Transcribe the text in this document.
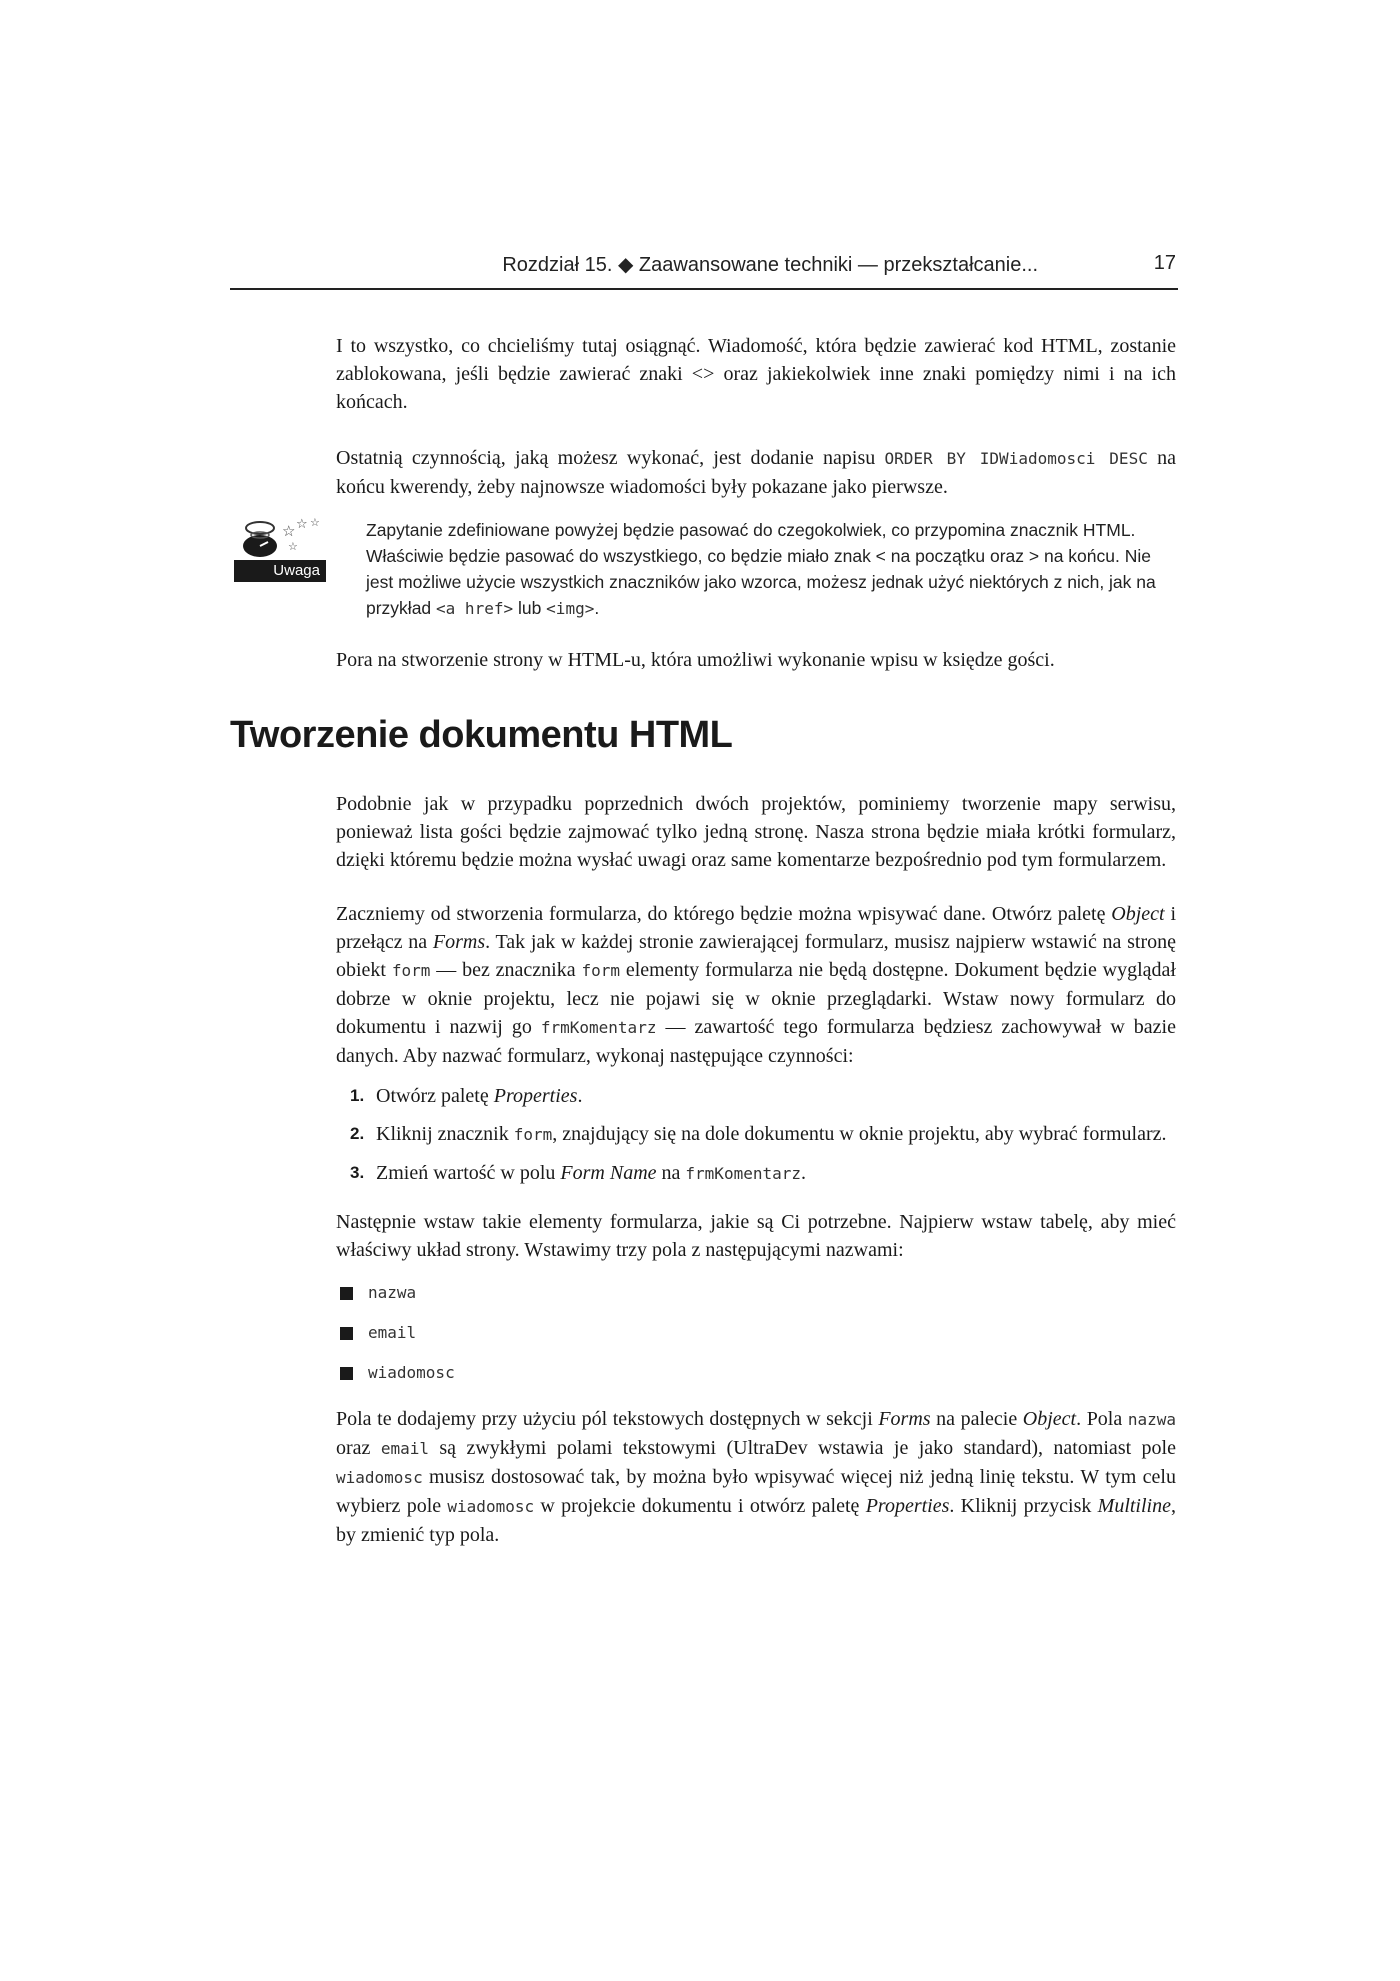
Rozdział 15. ◆ Zaawansowane techniki — przekształcanie...	17

I to wszystko, co chcieliśmy tutaj osiągnąć. Wiadomość, która będzie zawierać kod HTML, zostanie zablokowana, jeśli będzie zawierać znaki <> oraz jakiekolwiek inne znaki pomiędzy nimi i na ich końcach.

Ostatnią czynnością, jaką możesz wykonać, jest dodanie napisu ORDER BY IDWiadomosci DESC na końcu kwerendy, żeby najnowsze wiadomości były pokazane jako pierwsze.

☆ ☆ ☆
☆
Uwaga
Zapytanie zdefiniowane powyżej będzie pasować do czegokolwiek, co przypomina znacznik HTML. Właściwie będzie pasować do wszystkiego, co będzie miało znak < na początku oraz > na końcu. Nie jest możliwe użycie wszystkich znaczników jako wzorca, możesz jednak użyć niektórych z nich, jak na przykład <a href> lub <img>.

Pora na stworzenie strony w HTML-u, która umożliwi wykonanie wpisu w księdze gości.

Tworzenie dokumentu HTML

Podobnie jak w przypadku poprzednich dwóch projektów, pominiemy tworzenie mapy serwisu, ponieważ lista gości będzie zajmować tylko jedną stronę. Nasza strona będzie miała krótki formularz, dzięki któremu będzie można wysłać uwagi oraz same komentarze bezpośrednio pod tym formularzem.

Zaczniemy od stworzenia formularza, do którego będzie można wpisywać dane. Otwórz paletę Object i przełącz na Forms. Tak jak w każdej stronie zawierającej formularz, musisz najpierw wstawić na stronę obiekt form — bez znacznika form elementy formularza nie będą dostępne. Dokument będzie wyglądał dobrze w oknie projektu, lecz nie pojawi się w oknie przeglądarki. Wstaw nowy formularz do dokumentu i nazwij go frmKomentarz — zawartość tego formularza będziesz zachowywał w bazie danych. Aby nazwać formularz, wykonaj następujące czynności:

1. Otwórz paletę Properties.
2. Kliknij znacznik form, znajdujący się na dole dokumentu w oknie projektu, aby wybrać formularz.
3. Zmień wartość w polu Form Name na frmKomentarz.

Następnie wstaw takie elementy formularza, jakie są Ci potrzebne. Najpierw wstaw tabelę, aby mieć właściwy układ strony. Wstawimy trzy pola z następującymi nazwami:

nazwa
email
wiadomosc

Pola te dodajemy przy użyciu pól tekstowych dostępnych w sekcji Forms na palecie Object. Pola nazwa oraz email są zwykłymi polami tekstowymi (UltraDev wstawia je jako standard), natomiast pole wiadomosc musisz dostosować tak, by można było wpisywać więcej niż jedną linię tekstu. W tym celu wybierz pole wiadomosc w projekcie dokumentu i otwórz paletę Properties. Kliknij przycisk Multiline, by zmienić typ pola.
